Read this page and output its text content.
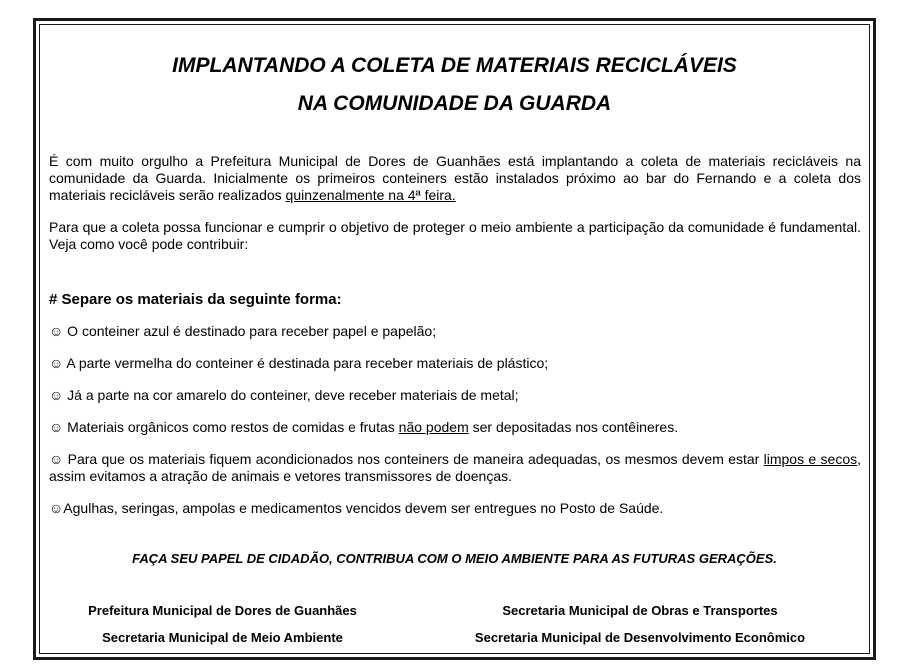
IMPLANTANDO A COLETA DE MATERIAIS RECICLÁVEIS
NA COMUNIDADE DA GUARDA

É com muito orgulho a Prefeitura Municipal de Dores de Guanhães está implantando a coleta de materiais recicláveis na comunidade da Guarda. Inicialmente os primeiros conteiners estão instalados próximo ao bar do Fernando e a coleta dos materiais recicláveis serão realizados quinzenalmente na 4ª feira.

Para que a coleta possa funcionar e cumprir o objetivo de proteger o meio ambiente a participação da comunidade é fundamental. Veja como você pode contribuir:

# Separe os materiais da seguinte forma:
☺ O conteiner azul é destinado para receber papel e papelão;
☺ A parte vermelha do conteiner é destinada para receber materiais de plástico;
☺ Já a parte na cor amarelo do conteiner, deve receber materiais de metal;
☺ Materiais orgânicos como restos de comidas e frutas não podem ser depositadas nos contêineres.
☺ Para que os materiais fiquem acondicionados nos conteiners de maneira adequadas, os mesmos devem estar limpos e secos, assim evitamos a atração de animais e vetores transmissores de doenças.
☺Agulhas, seringas, ampolas e medicamentos vencidos devem ser entregues no Posto de Saúde.
FAÇA SEU PAPEL DE CIDADÃO, CONTRIBUA COM O MEIO AMBIENTE PARA AS FUTURAS GERAÇÕES.
Prefeitura Municipal de Dores de Guanhães	Secretaria Municipal de Obras e Transportes
Secretaria Municipal de Meio Ambiente	Secretaria Municipal de Desenvolvimento Econômico
